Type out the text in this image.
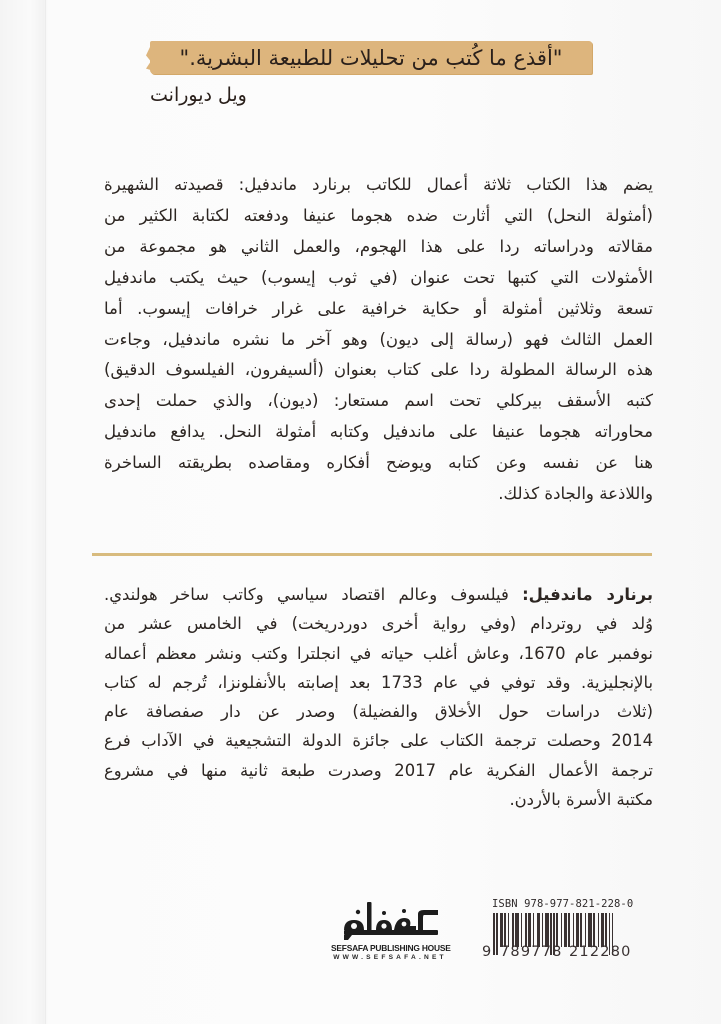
"أقذع ما كُتب من تحليلات للطبيعة البشرية."
ويل ديورانت
يضم هذا الكتاب ثلاثة أعمال للكاتب برنارد ماندفيل: قصيدته الشهيرة
(أمثولة النحل) التي أثارت ضده هجوما عنيفا ودفعته لكتابة الكثير من
مقالاته ودراساته ردا على هذا الهجوم، والعمل الثاني هو مجموعة من
الأمثولات التي كتبها تحت عنوان (في ثوب إيسوب) حيث يكتب ماندفيل
تسعة وثلاثين أمثولة أو حكاية خرافية على غرار خرافات إيسوب. أما
العمل الثالث فهو (رسالة إلى ديون) وهو آخر ما نشره ماندفيل، وجاءت
هذه الرسالة المطولة ردا على كتاب بعنوان (ألسيفرون، الفيلسوف الدقيق)
كتبه الأسقف بيركلي تحت اسم مستعار: (ديون)، والذي حملت إحدى
محاوراته هجوما عنيفا على ماندفيل وكتابه أمثولة النحل. يدافع ماندفيل
هنا عن نفسه وعن كتابه ويوضح أفكاره ومقاصده بطريقته الساخرة
واللاذعة والجادة كذلك.
برنارد ماندفيل: فيلسوف وعالم اقتصاد سياسي وكاتب ساخر هولندي.
وُلد في روتردام (وفي رواية أخرى دوردريخت) في الخامس عشر من
نوفمبر عام 1670، وعاش أغلب حياته في انجلترا وكتب ونشر معظم أعماله
بالإنجليزية. وقد توفي في عام 1733 بعد إصابته بالأنفلونزا، تُرجم له كتاب
(ثلاث دراسات حول الأخلاق والفضيلة) وصدر عن دار صفصافة عام
2014 وحصلت ترجمة الكتاب على جائزة الدولة التشجيعية في الآداب فرع
ترجمة الأعمال الفكرية عام 2017 وصدرت طبعة ثانية منها في مشروع
مكتبة الأسرة بالأردن.
SEFSAFA PUBLISHING HOUSE
WWW.SEFSAFA.NET
ISBN 978-977-821-228-0
9 789778 212280
